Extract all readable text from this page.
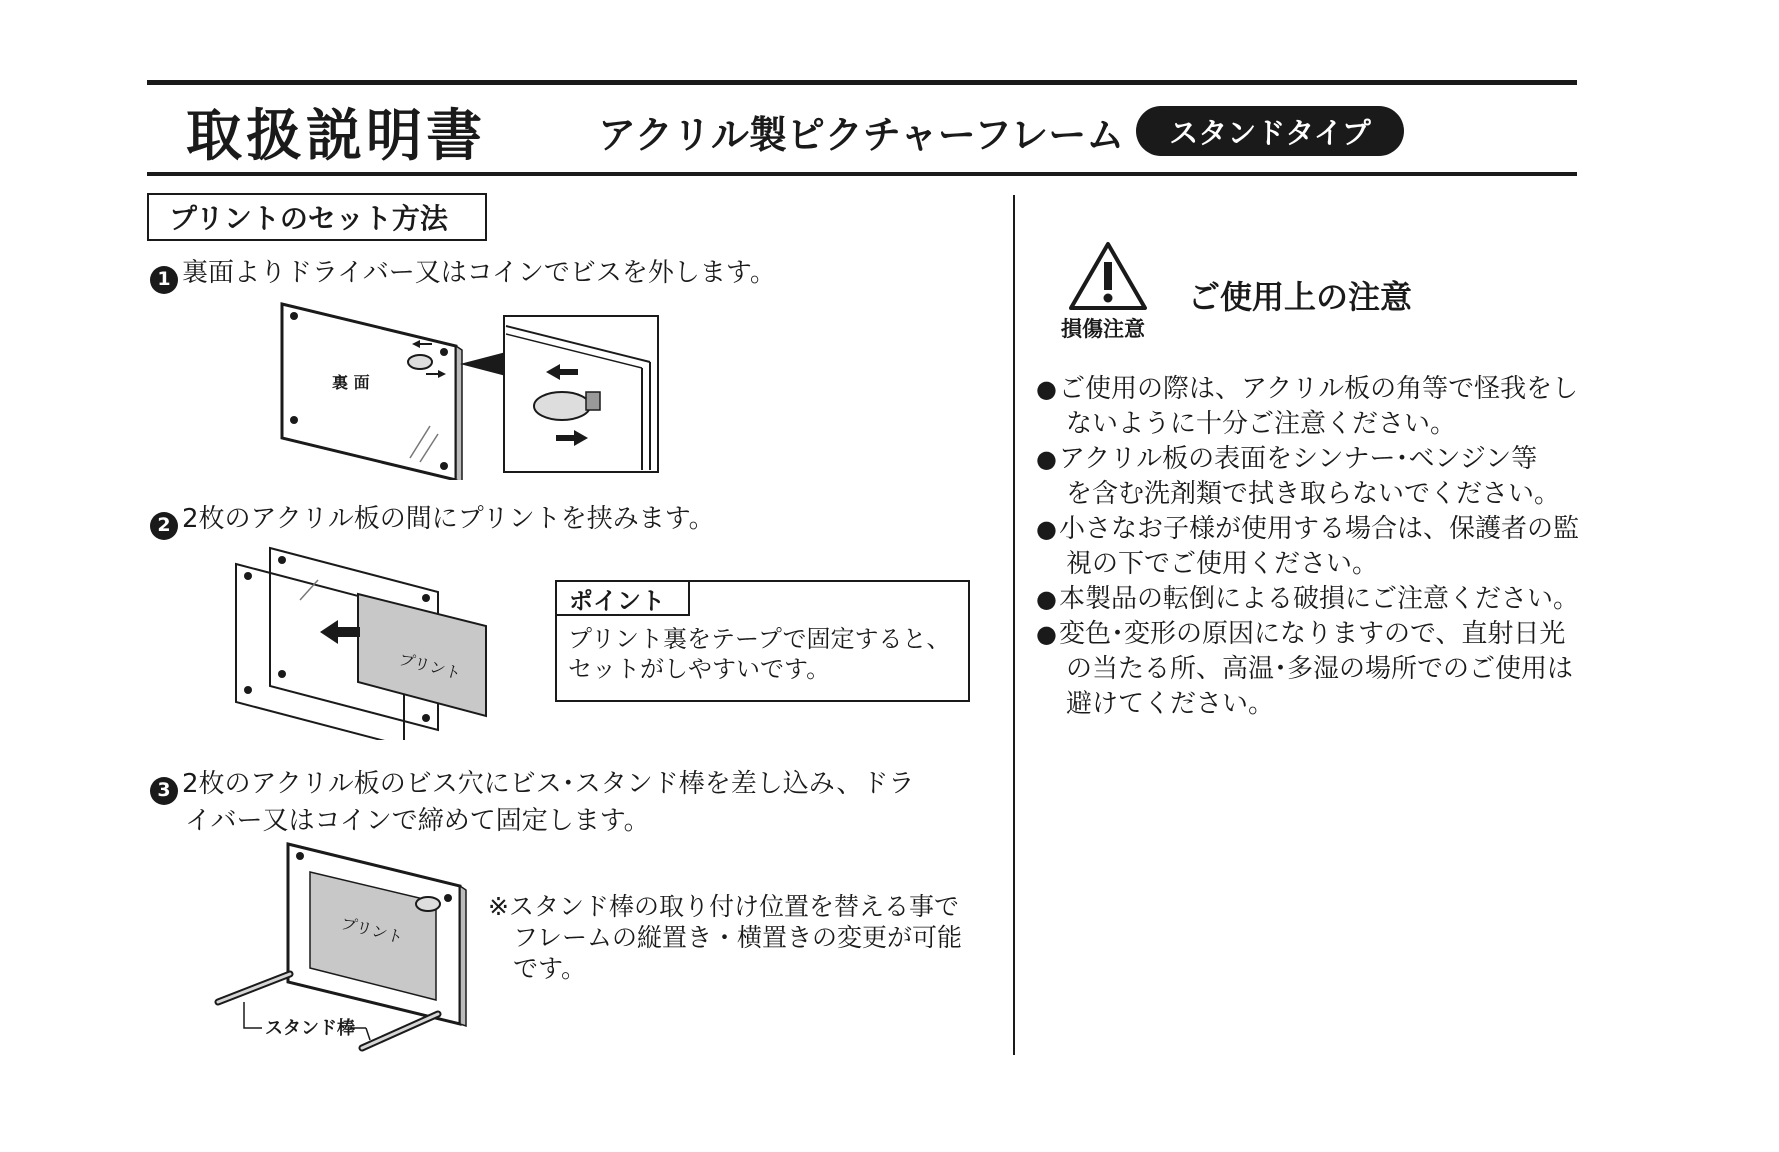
取扱説明書	アクリル製ピクチャーフレーム	スタンドタイプ
プリントのセット方法
1 裏面よりドライバー又はコインでビスを外します。
裏 面
2 2枚のアクリル板の間にプリントを挟みます。
プリント
ポイント
プリント裏をテープで固定すると、
セットがしやすいです。
3 2枚のアクリル板のビス穴にビス･スタンド棒を差し込み、ドラ
イバー又はコインで締めて固定します。
プリント
スタンド棒
※スタンド棒の取り付け位置を替える事で
フレームの縦置き・横置きの変更が可能
です。
損傷注意
ご使用上の注意
●ご使用の際は、アクリル板の角等で怪我をし
ないように十分ご注意ください。
●アクリル板の表面をシンナー･ベンジン等
を含む洗剤類で拭き取らないでください。
●小さなお子様が使用する場合は、保護者の監
視の下でご使用ください。
●本製品の転倒による破損にご注意ください。
●変色･変形の原因になりますので、直射日光
の当たる所、高温･多湿の場所でのご使用は
避けてください。
